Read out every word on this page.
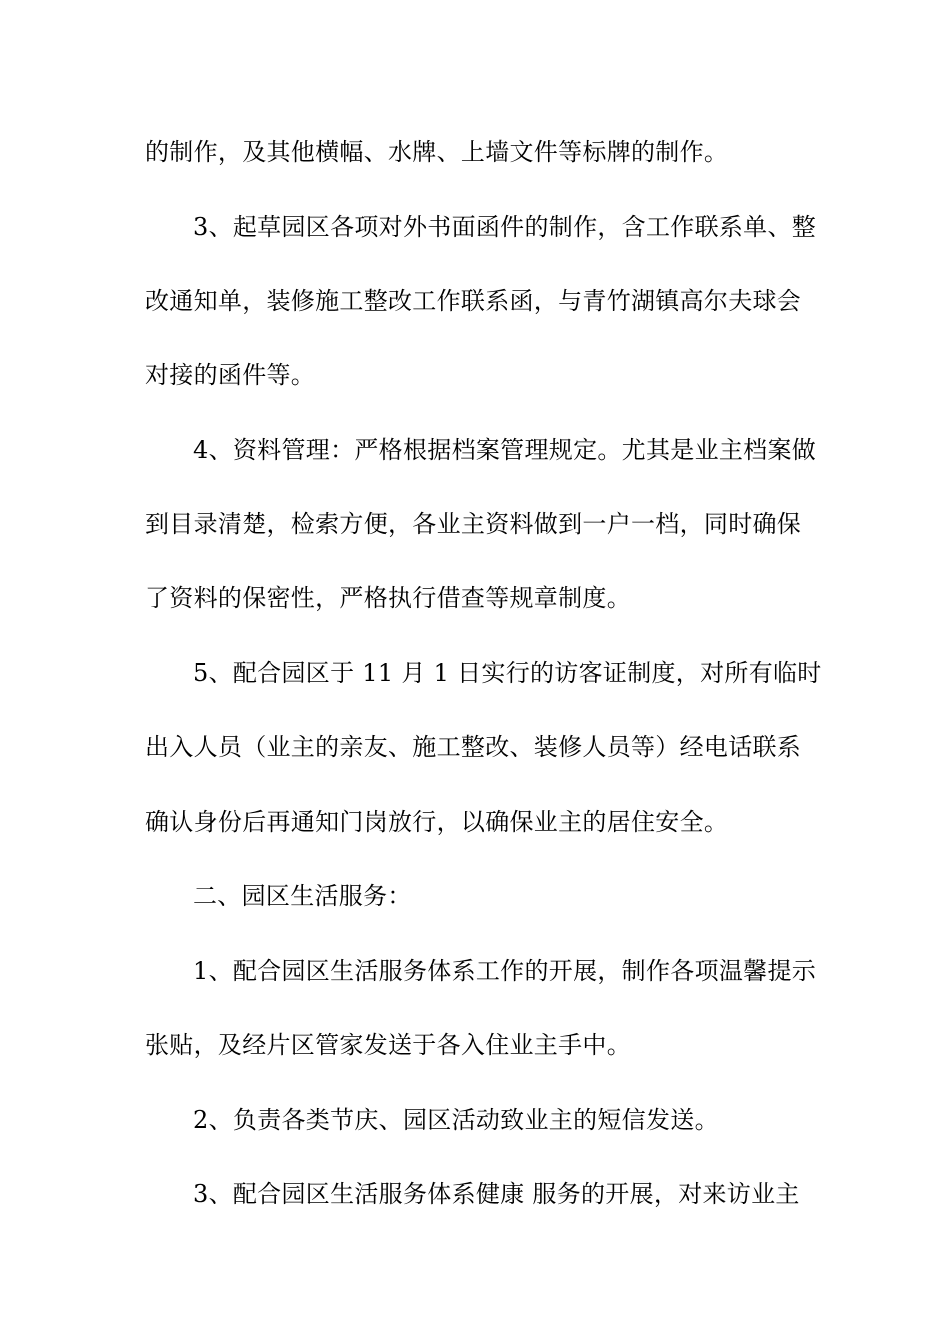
的制作，及其他横幅、水牌、上墙文件等标牌的制作。
3、起草园区各项对外书面函件的制作，含工作联系单、整
改通知单，装修施工整改工作联系函，与青竹湖镇高尔夫球会
对接的函件等。
4、资料管理：严格根据档案管理规定。尤其是业主档案做
到目录清楚，检索方便，各业主资料做到一户一档，同时确保
了资料的保密性，严格执行借查等规章制度。
5、配合园区于 11 月 1 日实行的访客证制度，对所有临时
出入人员（业主的亲友、施工整改、装修人员等）经电话联系
确认身份后再通知门岗放行，以确保业主的居住安全。
二、园区生活服务：
1、配合园区生活服务体系工作的开展，制作各项温馨提示
张贴，及经片区管家发送于各入住业主手中。
2、负责各类节庆、园区活动致业主的短信发送。
3、配合园区生活服务体系健康 服务的开展，对来访业主
